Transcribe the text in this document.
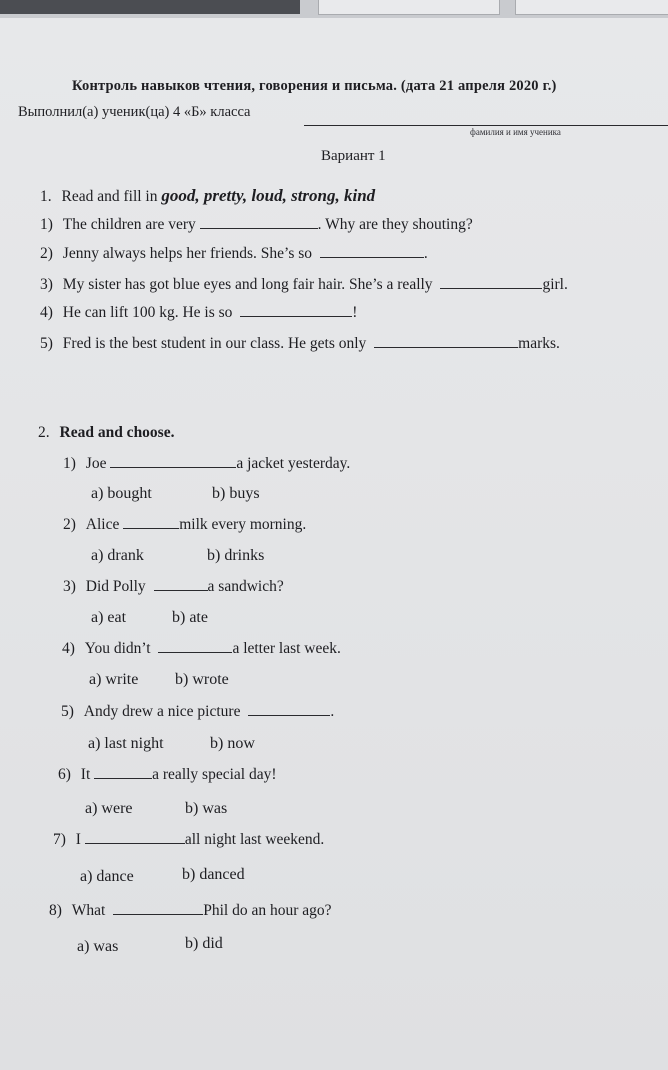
Контроль навыков чтения, говорения и письма. (дата 21 апреля 2020 г.)
Выполнил(а) ученик(ца) 4 «Б» класса
фамилия и имя ученика
Вариант 1
1. Read and fill in good, pretty, loud, strong, kind
1) The children are very	. Why are they shouting?
2) Jenny always helps her friends. She’s so	.
3) My sister has got blue eyes and long fair hair. She’s a really	girl.
4) He can lift 100 kg. He is so	!
5) Fred is the best student in our class. He gets only	marks.
2. Read and choose.
1) Joe	a jacket yesterday.
a) bought	b) buys
2) Alice	milk every morning.
a) drank	b) drinks
3) Did Polly	a sandwich?
a) eat	b) ate
4) You didn’t	a letter last week.
a) write b) wrote
5) Andy drew a nice picture	.
a) last night	b) now
6) It	a really special day!
a) were	b) was
7) I	all night last weekend.
a) dance	b) danced
8) What	Phil do an hour ago?
a) was	b) did
